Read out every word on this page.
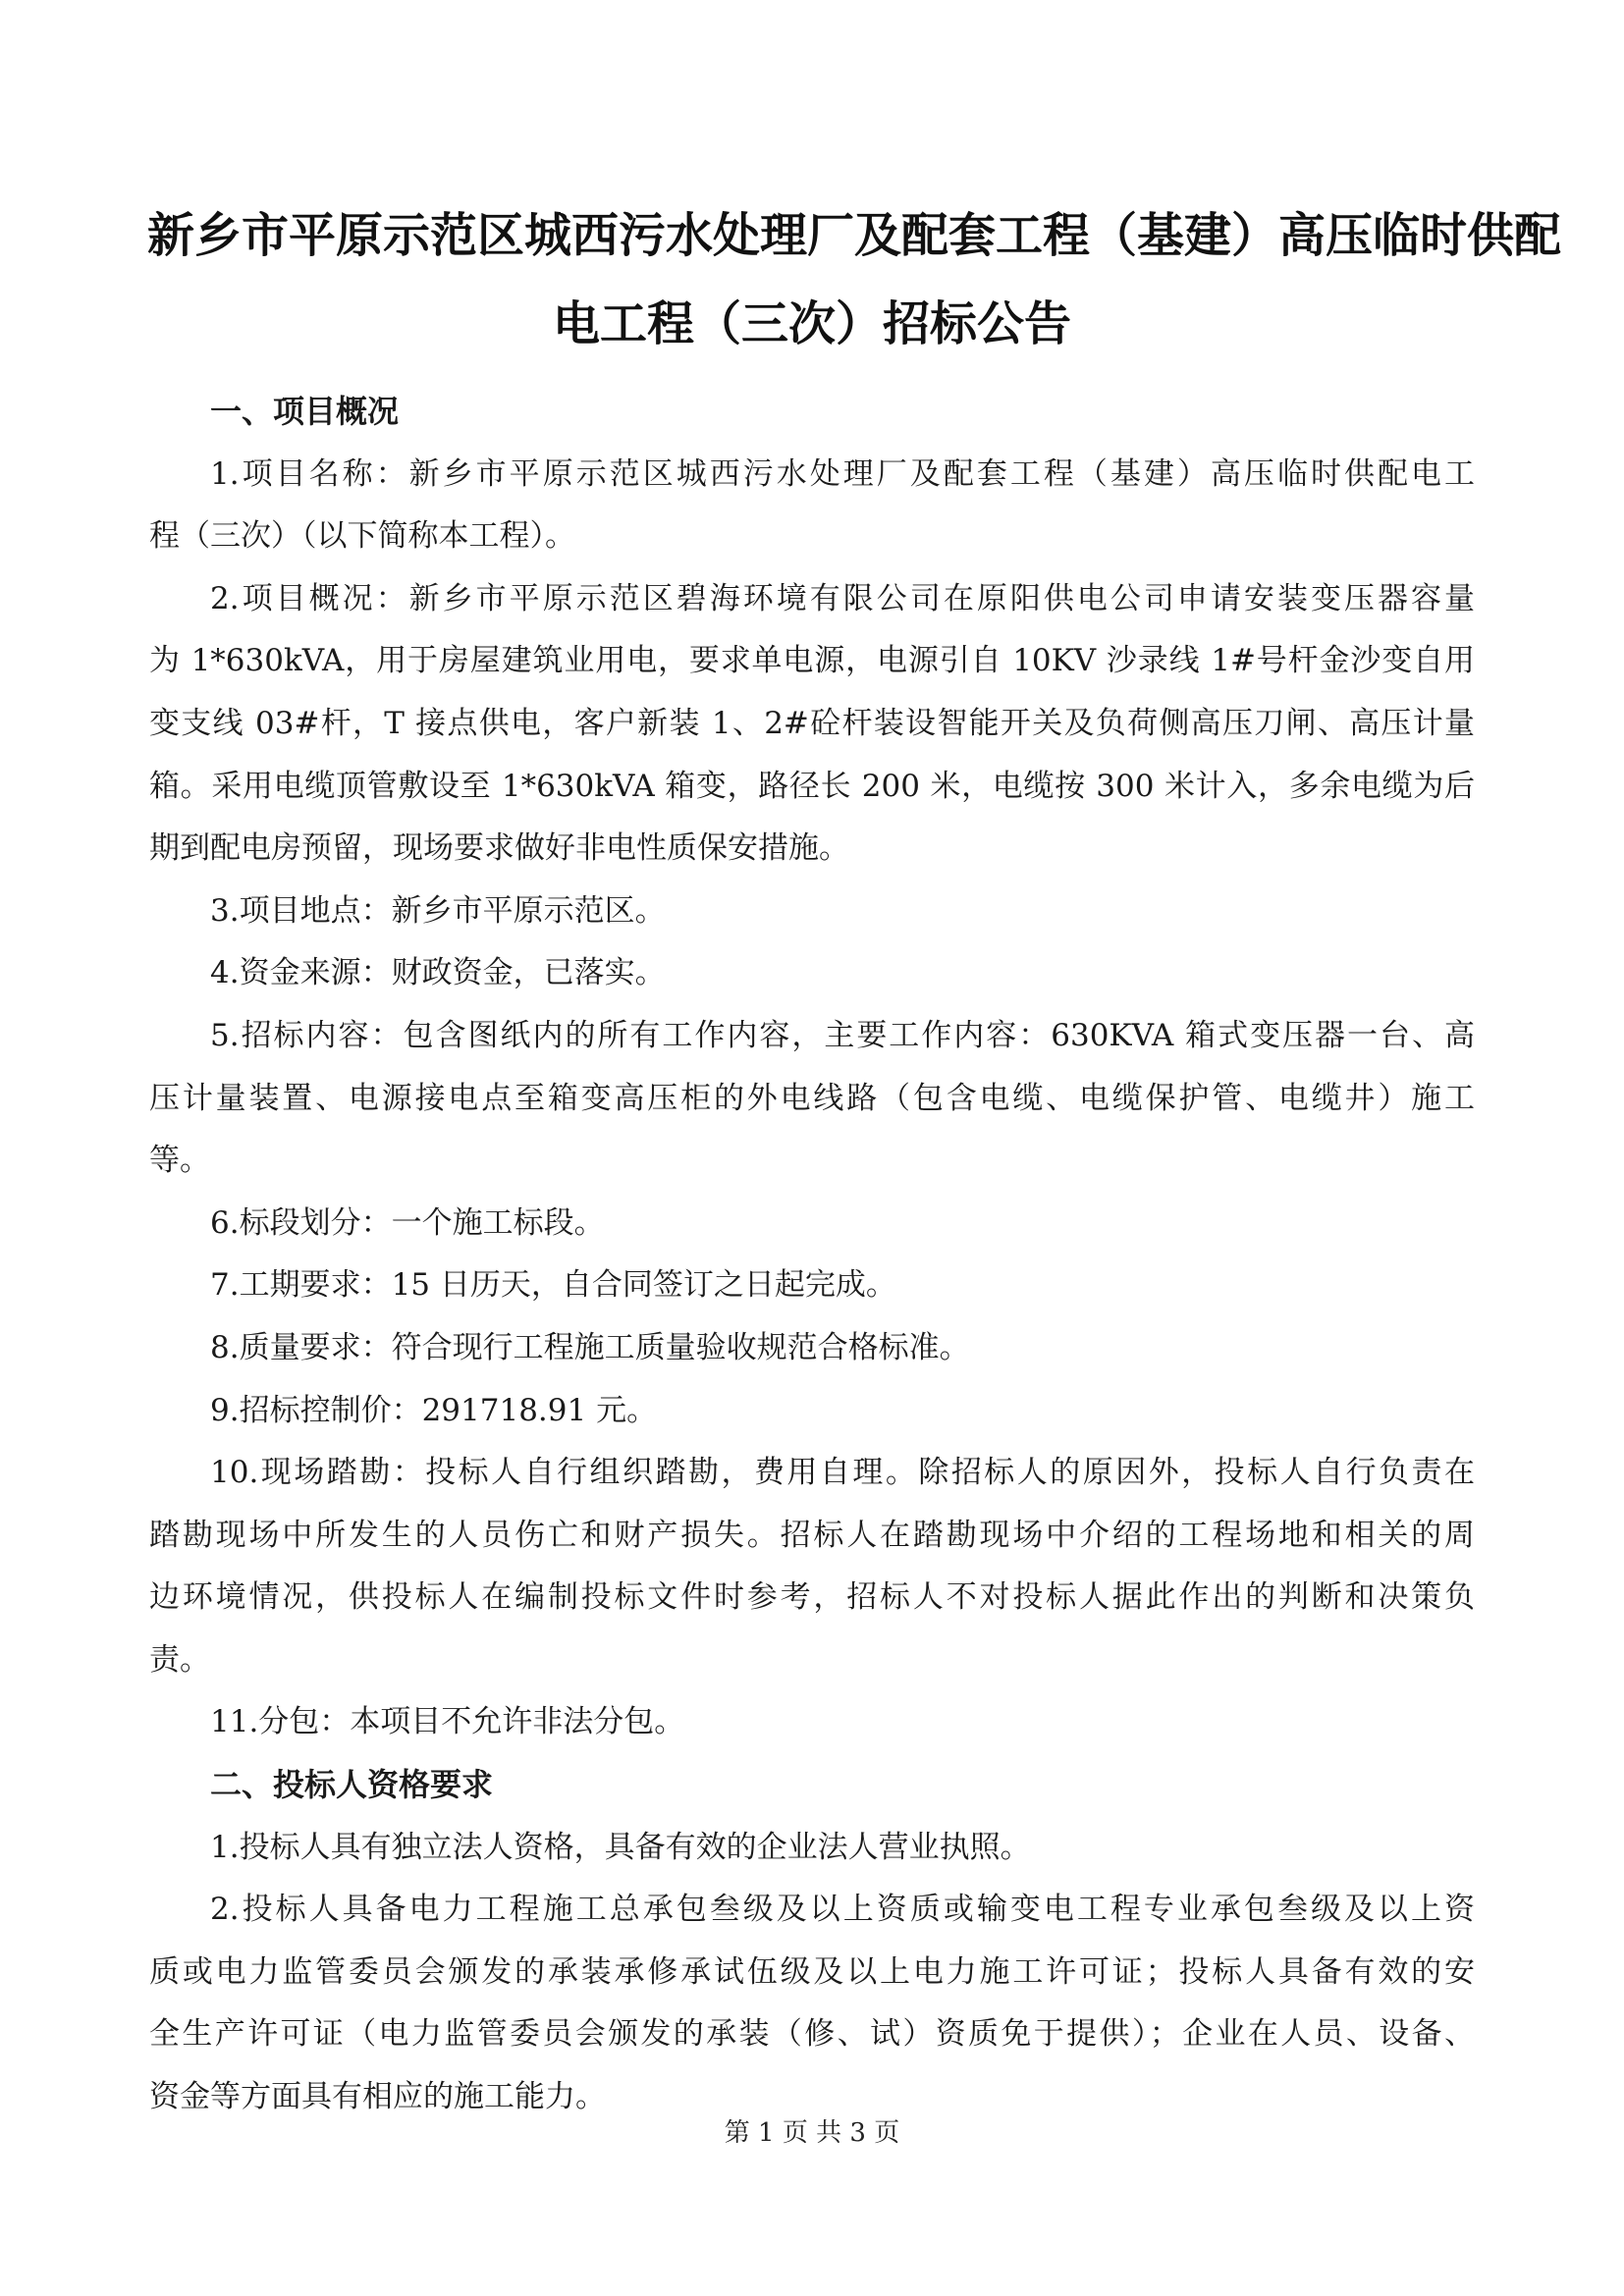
新乡市平原示范区城西污水处理厂及配套工程（基建）高压临时供配
电工程（三次）招标公告
一、项目概况
1.项目名称：新乡市平原示范区城西污水处理厂及配套工程（基建）高压临时供配电工
程（三次）（以下简称本工程）。
2.项目概况：新乡市平原示范区碧海环境有限公司在原阳供电公司申请安装变压器容量
为 1*630kVA，用于房屋建筑业用电，要求单电源，电源引自 10KV 沙录线 1#号杆金沙变自用
变支线 03#杆，T 接点供电，客户新装 1、2#砼杆装设智能开关及负荷侧高压刀闸、高压计量
箱。采用电缆顶管敷设至 1*630kVA 箱变，路径长 200 米，电缆按 300 米计入，多余电缆为后
期到配电房预留，现场要求做好非电性质保安措施。
3.项目地点：新乡市平原示范区。
4.资金来源：财政资金，已落实。
5.招标内容：包含图纸内的所有工作内容，主要工作内容：630KVA 箱式变压器一台、高
压计量装置、电源接电点至箱变高压柜的外电线路（包含电缆、电缆保护管、电缆井）施工
等。
6.标段划分：一个施工标段。
7.工期要求：15 日历天，自合同签订之日起完成。
8.质量要求：符合现行工程施工质量验收规范合格标准。
9.招标控制价：291718.91 元。
10.现场踏勘：投标人自行组织踏勘，费用自理。除招标人的原因外，投标人自行负责在
踏勘现场中所发生的人员伤亡和财产损失。招标人在踏勘现场中介绍的工程场地和相关的周
边环境情况，供投标人在编制投标文件时参考，招标人不对投标人据此作出的判断和决策负
责。
11.分包：本项目不允许非法分包。
二、投标人资格要求
1.投标人具有独立法人资格，具备有效的企业法人营业执照。
2.投标人具备电力工程施工总承包叁级及以上资质或输变电工程专业承包叁级及以上资
质或电力监管委员会颁发的承装承修承试伍级及以上电力施工许可证；投标人具备有效的安
全生产许可证（电力监管委员会颁发的承装（修、试）资质免于提供）；企业在人员、设备、
资金等方面具有相应的施工能力。
第 1 页 共 3 页
